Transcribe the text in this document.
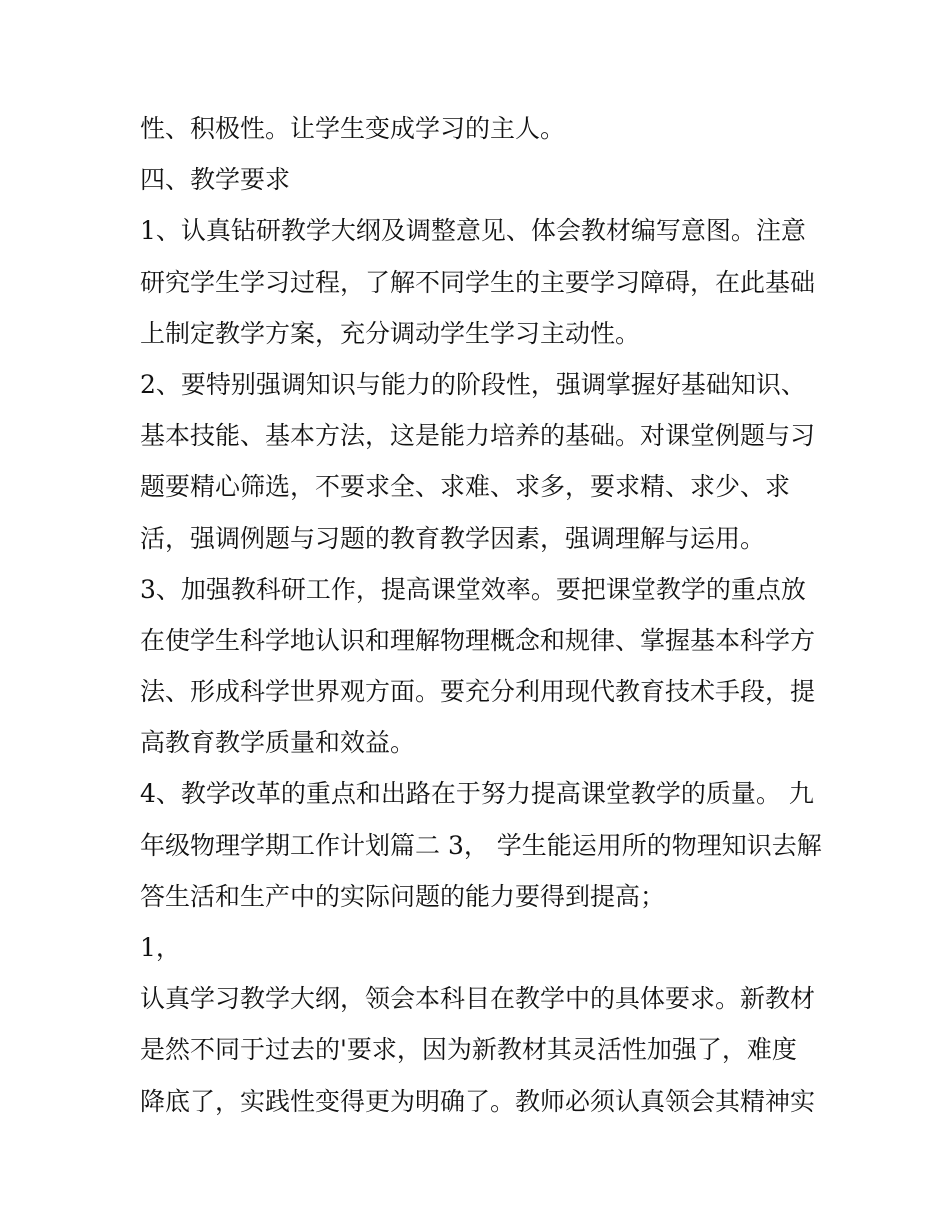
性、积极性。让学生变成学习的主人。

四、教学要求

1、认真钻研教学大纲及调整意见、体会教材编写意图。注意

研究学生学习过程，了解不同学生的主要学习障碍，在此基础

上制定教学方案，充分调动学生学习主动性。

2、要特别强调知识与能力的阶段性，强调掌握好基础知识、

基本技能、基本方法，这是能力培养的基础。对课堂例题与习

题要精心筛选，不要求全、求难、求多，要求精、求少、求

活，强调例题与习题的教育教学因素，强调理解与运用。

3、加强教科研工作，提高课堂效率。要把课堂教学的重点放

在使学生科学地认识和理解物理概念和规律、掌握基本科学方

法、形成科学世界观方面。要充分利用现代教育技术手段，提

高教育教学质量和效益。

4、教学改革的重点和出路在于努力提高课堂教学的质量。 九

年级物理学期工作计划篇二 3， 学生能运用所的物理知识去解

答生活和生产中的实际问题的能力要得到提高；

1，

认真学习教学大纲，领会本科目在教学中的具体要求。新教材

是然不同于过去的'要求，因为新教材其灵活性加强了，难度

降底了，实践性变得更为明确了。教师必须认真领会其精神实
